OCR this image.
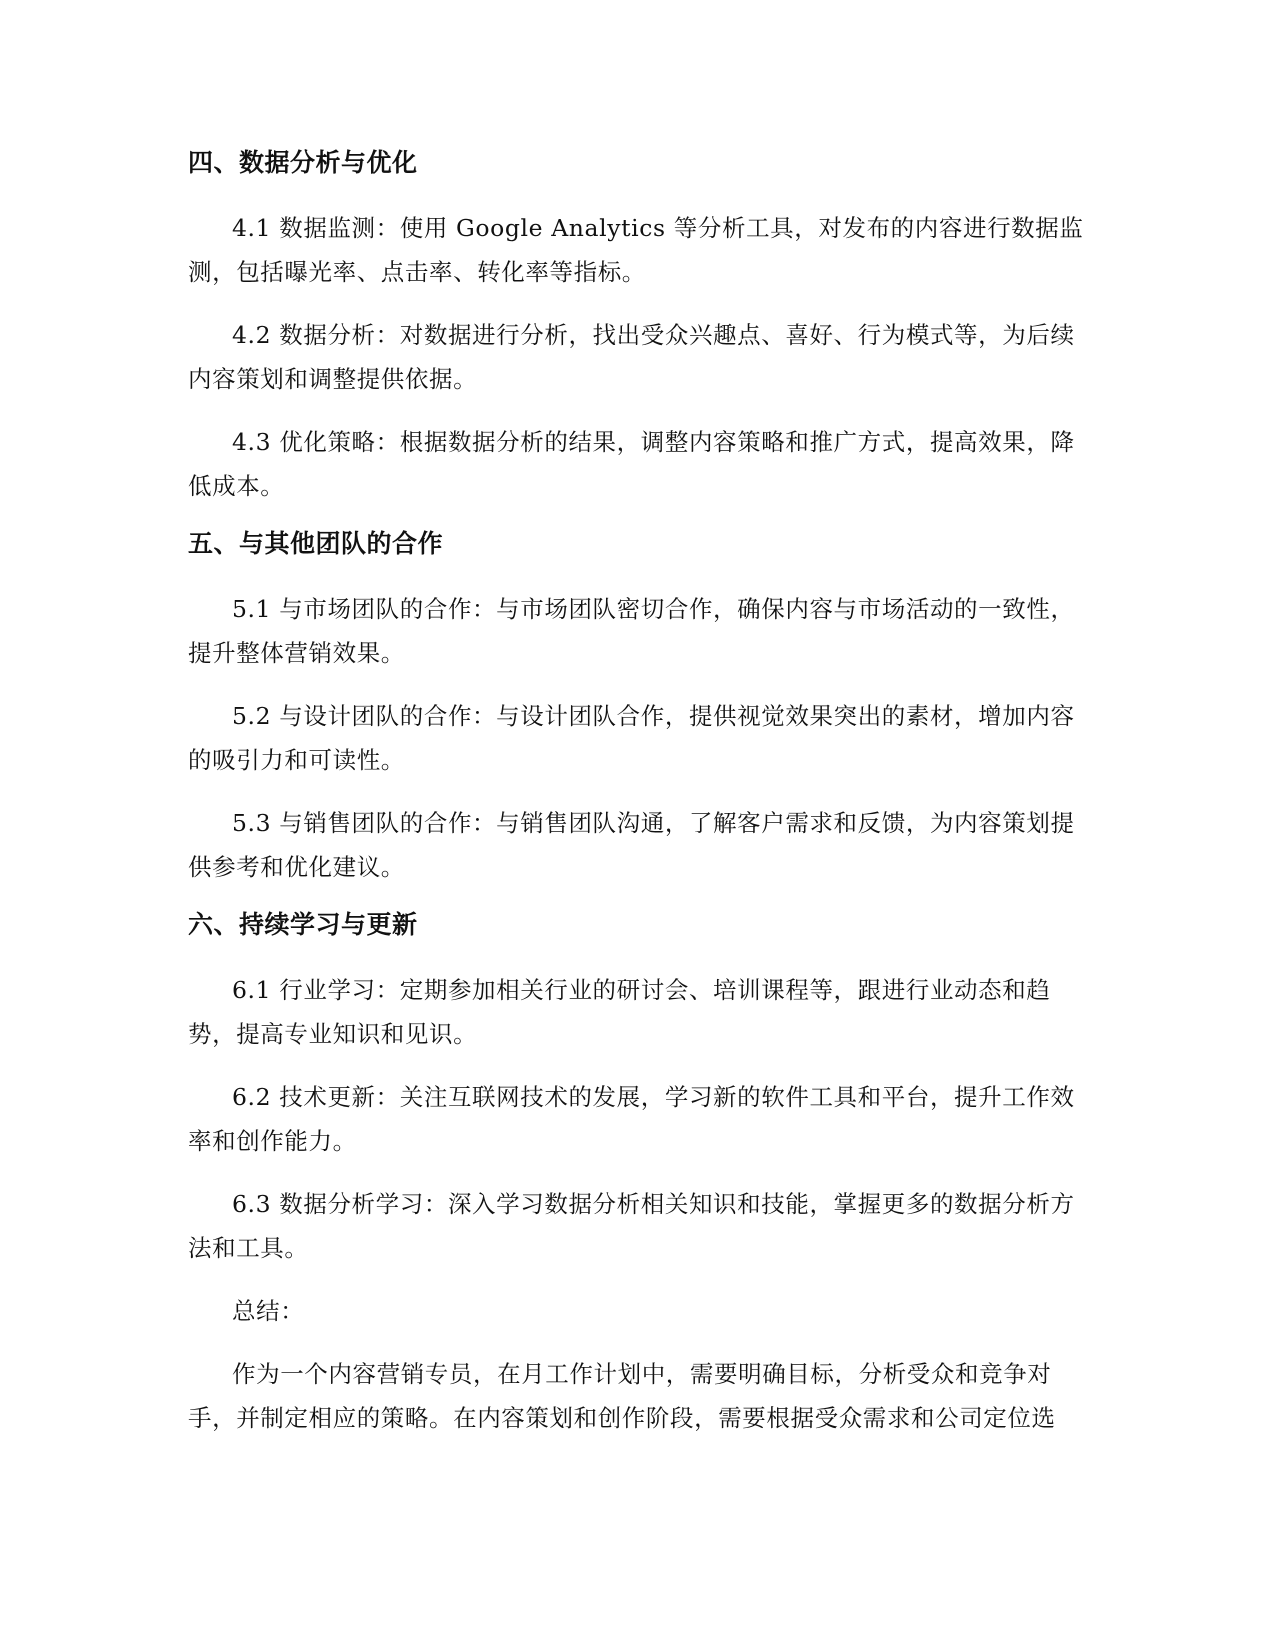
四、数据分析与优化

4.1 数据监测：使用 Google Analytics 等分析工具，对发布的内容进行数据监测，包括曝光率、点击率、转化率等指标。

4.2 数据分析：对数据进行分析，找出受众兴趣点、喜好、行为模式等，为后续内容策划和调整提供依据。

4.3 优化策略：根据数据分析的结果，调整内容策略和推广方式，提高效果，降低成本。

五、与其他团队的合作

5.1 与市场团队的合作：与市场团队密切合作，确保内容与市场活动的一致性，提升整体营销效果。

5.2 与设计团队的合作：与设计团队合作，提供视觉效果突出的素材，增加内容的吸引力和可读性。

5.3 与销售团队的合作：与销售团队沟通，了解客户需求和反馈，为内容策划提供参考和优化建议。

六、持续学习与更新

6.1 行业学习：定期参加相关行业的研讨会、培训课程等，跟进行业动态和趋势，提高专业知识和见识。

6.2 技术更新：关注互联网技术的发展，学习新的软件工具和平台，提升工作效率和创作能力。

6.3 数据分析学习：深入学习数据分析相关知识和技能，掌握更多的数据分析方法和工具。

总结：

作为一个内容营销专员，在月工作计划中，需要明确目标，分析受众和竞争对手，并制定相应的策略。在内容策划和创作阶段，需要根据受众需求和公司定位选
